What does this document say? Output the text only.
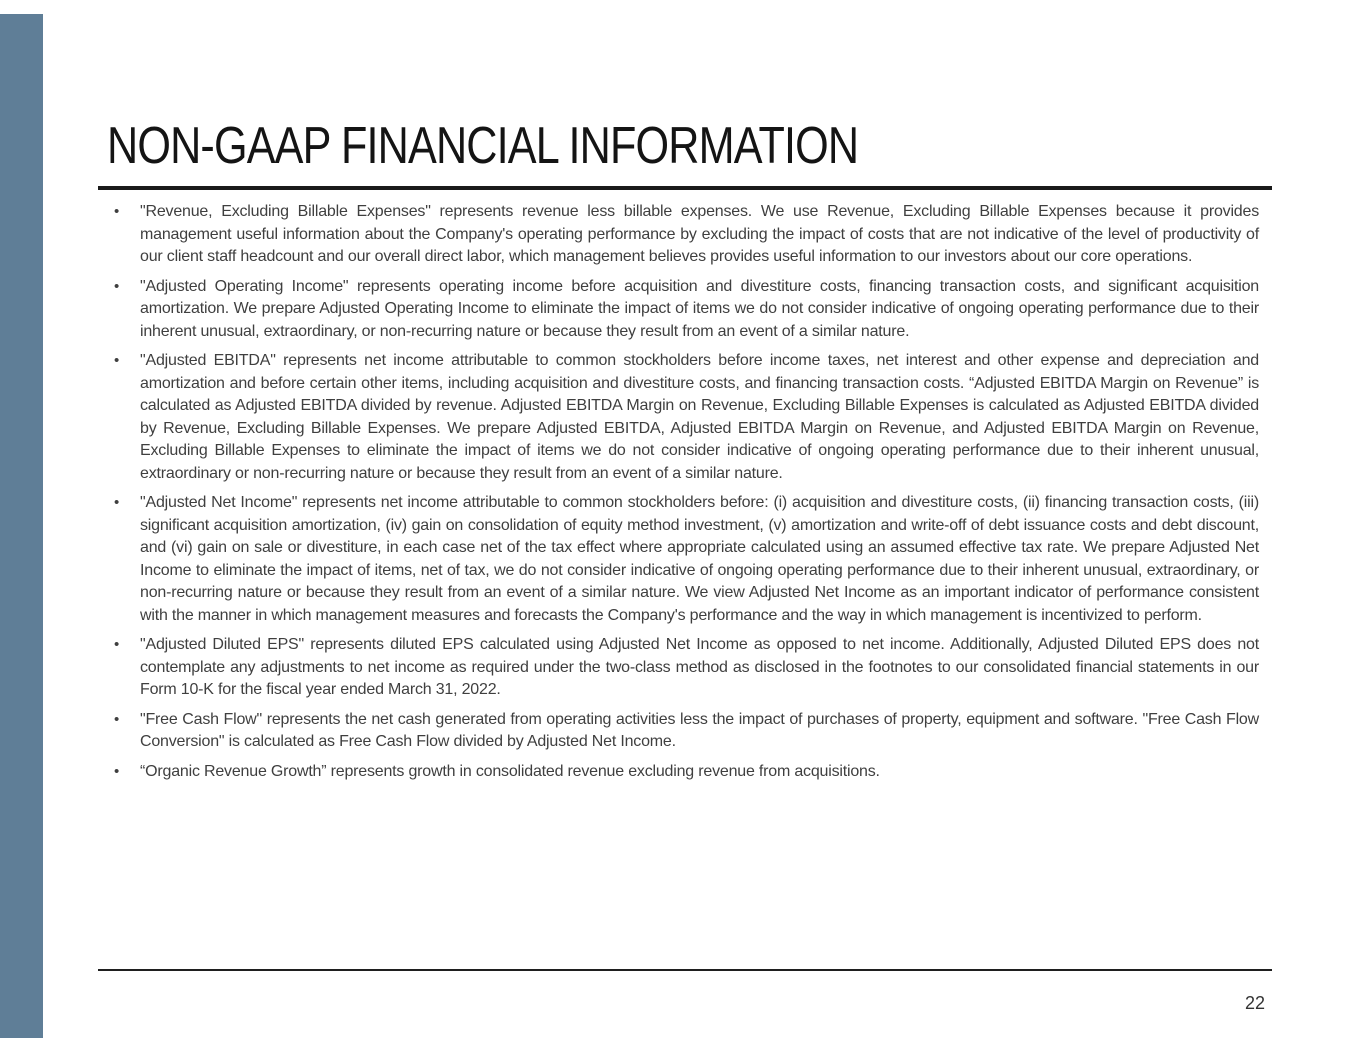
NON-GAAP FINANCIAL INFORMATION
• "Revenue, Excluding Billable Expenses" represents revenue less billable expenses. We use Revenue, Excluding Billable Expenses because it provides management useful information about the Company's operating performance by excluding the impact of costs that are not indicative of the level of productivity of our client staff headcount and our overall direct labor, which management believes provides useful information to our investors about our core operations.
• "Adjusted Operating Income" represents operating income before acquisition and divestiture costs, financing transaction costs, and significant acquisition amortization. We prepare Adjusted Operating Income to eliminate the impact of items we do not consider indicative of ongoing operating performance due to their inherent unusual, extraordinary, or non-recurring nature or because they result from an event of a similar nature.
• "Adjusted EBITDA" represents net income attributable to common stockholders before income taxes, net interest and other expense and depreciation and amortization and before certain other items, including acquisition and divestiture costs, and financing transaction costs. “Adjusted EBITDA Margin on Revenue” is calculated as Adjusted EBITDA divided by revenue. Adjusted EBITDA Margin on Revenue, Excluding Billable Expenses is calculated as Adjusted EBITDA divided by Revenue, Excluding Billable Expenses. We prepare Adjusted EBITDA, Adjusted EBITDA Margin on Revenue, and Adjusted EBITDA Margin on Revenue, Excluding Billable Expenses to eliminate the impact of items we do not consider indicative of ongoing operating performance due to their inherent unusual, extraordinary or non-recurring nature or because they result from an event of a similar nature.
• "Adjusted Net Income" represents net income attributable to common stockholders before: (i) acquisition and divestiture costs, (ii) financing transaction costs, (iii) significant acquisition amortization, (iv) gain on consolidation of equity method investment, (v) amortization and write-off of debt issuance costs and debt discount, and (vi) gain on sale or divestiture, in each case net of the tax effect where appropriate calculated using an assumed effective tax rate. We prepare Adjusted Net Income to eliminate the impact of items, net of tax, we do not consider indicative of ongoing operating performance due to their inherent unusual, extraordinary, or non-recurring nature or because they result from an event of a similar nature. We view Adjusted Net Income as an important indicator of performance consistent with the manner in which management measures and forecasts the Company's performance and the way in which management is incentivized to perform.
• "Adjusted Diluted EPS" represents diluted EPS calculated using Adjusted Net Income as opposed to net income. Additionally, Adjusted Diluted EPS does not contemplate any adjustments to net income as required under the two-class method as disclosed in the footnotes to our consolidated financial statements in our Form 10-K for the fiscal year ended March 31, 2022.
• "Free Cash Flow" represents the net cash generated from operating activities less the impact of purchases of property, equipment and software. "Free Cash Flow Conversion" is calculated as Free Cash Flow divided by Adjusted Net Income.
• “Organic Revenue Growth” represents growth in consolidated revenue excluding revenue from acquisitions.
22
